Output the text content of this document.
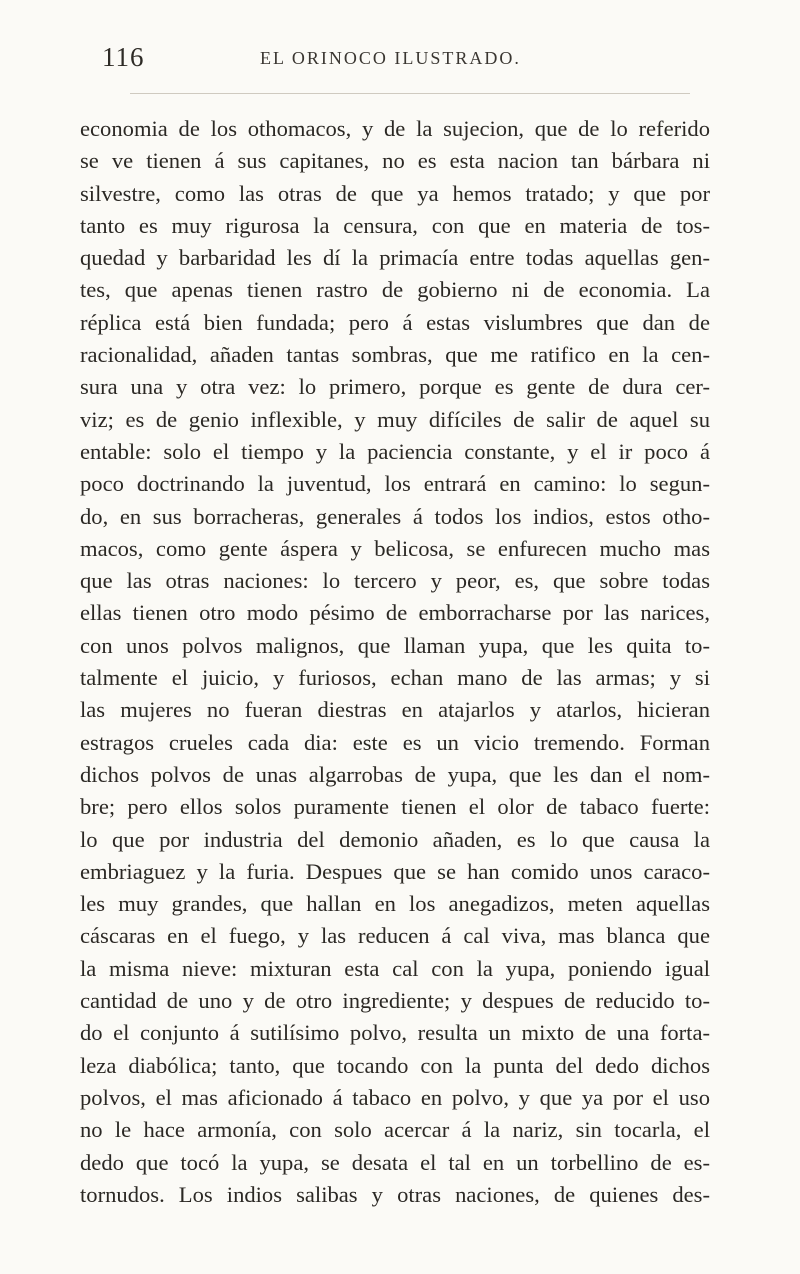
116	EL ORINOCO ILUSTRADO.
economia de los othomacos, y de la sujecion, que de lo referido
se ve tienen á sus capitanes, no es esta nacion tan bárbara ni
silvestre, como las otras de que ya hemos tratado; y que por
tanto es muy rigurosa la censura, con que en materia de tos-
quedad y barbaridad les dí la primacía entre todas aquellas gen-
tes, que apenas tienen rastro de gobierno ni de economia. La
réplica está bien fundada; pero á estas vislumbres que dan de
racionalidad, añaden tantas sombras, que me ratifico en la cen-
sura una y otra vez: lo primero, porque es gente de dura cer-
viz; es de genio inflexible, y muy difíciles de salir de aquel su
entable: solo el tiempo y la paciencia constante, y el ir poco á
poco doctrinando la juventud, los entrará en camino: lo segun-
do, en sus borracheras, generales á todos los indios, estos otho-
macos, como gente áspera y belicosa, se enfurecen mucho mas
que las otras naciones: lo tercero y peor, es, que sobre todas
ellas tienen otro modo pésimo de emborracharse por las narices,
con unos polvos malignos, que llaman yupa, que les quita to-
talmente el juicio, y furiosos, echan mano de las armas; y si
las mujeres no fueran diestras en atajarlos y atarlos, hicieran
estragos crueles cada dia: este es un vicio tremendo. Forman
dichos polvos de unas algarrobas de yupa, que les dan el nom-
bre; pero ellos solos puramente tienen el olor de tabaco fuerte:
lo que por industria del demonio añaden, es lo que causa la
embriaguez y la furia. Despues que se han comido unos caraco-
les muy grandes, que hallan en los anegadizos, meten aquellas
cáscaras en el fuego, y las reducen á cal viva, mas blanca que
la misma nieve: mixturan esta cal con la yupa, poniendo igual
cantidad de uno y de otro ingrediente; y despues de reducido to-
do el conjunto á sutilísimo polvo, resulta un mixto de una forta-
leza diabólica; tanto, que tocando con la punta del dedo dichos
polvos, el mas aficionado á tabaco en polvo, y que ya por el uso
no le hace armonía, con solo acercar á la nariz, sin tocarla, el
dedo que tocó la yupa, se desata el tal en un torbellino de es-
tornudos. Los indios salibas y otras naciones, de quienes des-
